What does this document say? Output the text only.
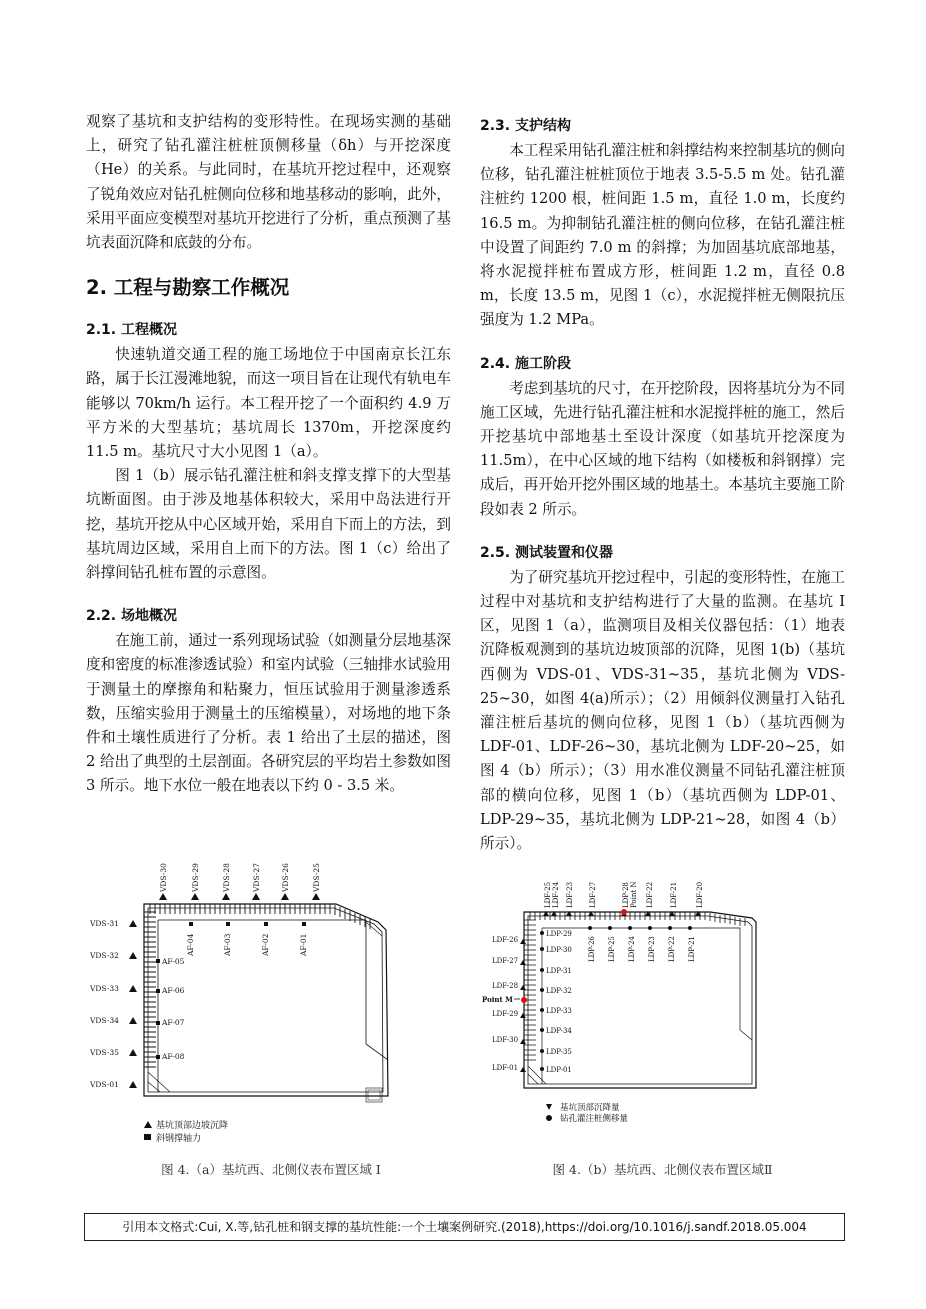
观察了基坑和支护结构的变形特性。在现场实测的基础上，研究了钻孔灌注桩桩顶侧移量（δh）与开挖深度（He）的关系。与此同时，在基坑开挖过程中，还观察了锐角效应对钻孔桩侧向位移和地基移动的影响，此外，采用平面应变模型对基坑开挖进行了分析，重点预测了基坑表面沉降和底鼓的分布。

2. 工程与勘察工作概况
2.1. 工程概况

快速轨道交通工程的施工场地位于中国南京长江东路，属于长江漫滩地貌，而这一项目旨在让现代有轨电车能够以 70km/h 运行。本工程开挖了一个面积约 4.9 万平方米的大型基坑；基坑周长 1370m，开挖深度约 11.5 m。基坑尺寸大小见图 1（a）。

图 1（b）展示钻孔灌注桩和斜支撑支撑下的大型基坑断面图。由于涉及地基体积较大，采用中岛法进行开挖，基坑开挖从中心区域开始，采用自下而上的方法，到基坑周边区域，采用自上而下的方法。图 1（c）给出了斜撑间钻孔桩布置的示意图。

2.2. 场地概况

在施工前，通过一系列现场试验（如测量分层地基深度和密度的标准渗透试验）和室内试验（三轴排水试验用于测量土的摩擦角和粘聚力，恒压试验用于测量渗透系数，压缩实验用于测量土的压缩模量），对场地的地下条件和土壤性质进行了分析。表 1 给出了土层的描述，图 2 给出了典型的土层剖面。各研究层的平均岩土参数如图 3 所示。地下水位一般在地表以下约 0 - 3.5 米。

2.3. 支护结构

本工程采用钻孔灌注桩和斜撑结构来控制基坑的侧向位移，钻孔灌注桩桩顶位于地表 3.5-5.5 m 处。钻孔灌注桩约 1200 根，桩间距 1.5 m，直径 1.0 m，长度约 16.5 m。为抑制钻孔灌注桩的侧向位移，在钻孔灌注桩中设置了间距约 7.0 m 的斜撑；为加固基坑底部地基，将水泥搅拌桩布置成方形，桩间距 1.2 m，直径 0.8 m，长度 13.5 m，见图 1（c），水泥搅拌桩无侧限抗压强度为 1.2 MPa。

2.4. 施工阶段

考虑到基坑的尺寸，在开挖阶段，因将基坑分为不同施工区域，先进行钻孔灌注桩和水泥搅拌桩的施工，然后开挖基坑中部地基土至设计深度（如基坑开挖深度为 11.5m），在中心区域的地下结构（如楼板和斜钢撑）完成后，再开始开挖外围区域的地基土。本基坑主要施工阶段如表 2 所示。

2.5. 测试装置和仪器

为了研究基坑开挖过程中，引起的变形特性，在施工过程中对基坑和支护结构进行了大量的监测。在基坑 I 区，见图 1（a），监测项目及相关仪器包括：（1）地表沉降板观测到的基坑边坡顶部的沉降，见图 1(b)（基坑西侧为 VDS-01、VDS-31~35，基坑北侧为 VDS-25~30，如图 4(a)所示）；（2）用倾斜仪测量打入钻孔灌注桩后基坑的侧向位移，见图 1（b）（基坑西侧为 LDF-01、LDF-26~30，基坑北侧为 LDF-20~25，如图 4（b）所示）；（3）用水准仪测量不同钻孔灌注桩顶部的横向位移，见图 1（b）（基坑西侧为 LDP-01、LDP-29~35，基坑北侧为 LDP-21~28，如图 4（b）所示）。

VDS-30	VDS-29	VDS-28	VDS-27	VDS-26	VDS-25
VDS-31
VDS-32
VDS-33
VDS-34
VDS-35
VDS-01
AF-04	AF-03	AF-02	AF-01
AF-05
AF-06
AF-07
AF-08
基坑顶部边坡沉降
斜钢撑轴力
图 4.（a）基坑西、北侧仪表布置区域 I
LDF-25 LDF-24 LDF-23 LDF-27	LDP-28 Point N LDF-22 LDF-21	LDF-20
LDF-26
LDF-27
LDF-28
LDF-29
LDF-30
LDF-01
Point M
LDP-29
LDP-30
LDP-31
LDP-32
LDP-33
LDP-34
LDP-35
LDP-01
LDP-26 LDP-25 LDP-24 LDP-23 LDP-22 LDP-21
基坑顶部沉降量
钻孔灌注桩侧移量
图 4.（b）基坑西、北侧仪表布置区域Ⅱ
引用本文格式:Cui, X.等,钻孔桩和钢支撑的基坑性能:一个土壤案例研究.(2018),https://doi.org/10.1016/j.sandf.2018.05.004
